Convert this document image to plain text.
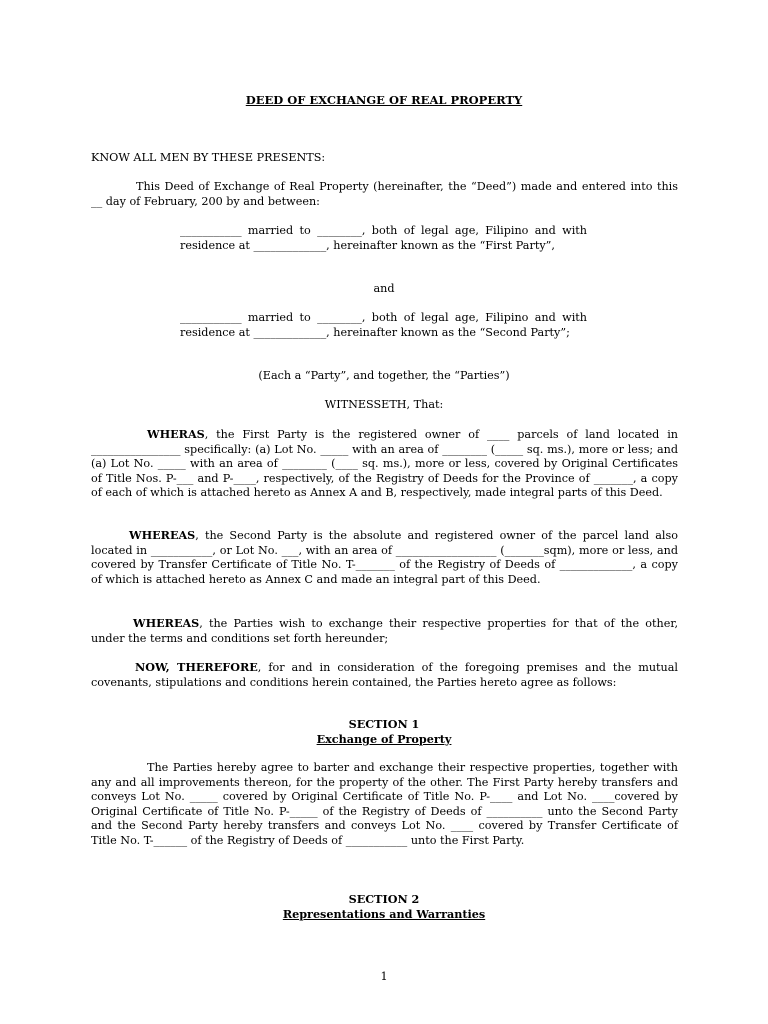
DEED OF EXCHANGE OF REAL PROPERTY
KNOW ALL MEN BY THESE PRESENTS:
This Deed of Exchange of Real Property (hereinafter, the “Deed”) made and entered into this __ day of February, 200 by and between:
___________ married to ________, both of legal age, Filipino and with residence at _____________, hereinafter known as the “First Party”,
and
___________ married to ________, both of legal age, Filipino and with residence at _____________, hereinafter known as the “Second Party”;
(Each a “Party”, and together, the “Parties”)
WITNESSETH, That:
WHERAS, the First Party is the registered owner of ____ parcels of land located in ________________ specifically: (a) Lot No. _____ with an area of ________ (_____ sq. ms.), more or less; and (a) Lot No. _____ with an area of ________ (____ sq. ms.), more or less, covered by Original Certificates of Title Nos. P-___ and P-____, respectively, of the Registry of Deeds for the Province of _______, a copy of each of which is attached hereto as Annex A and B, respectively, made integral parts of this Deed.
WHEREAS, the Second Party is the absolute and registered owner of the parcel land also located in ___________, or Lot No. ___, with an area of __________________ (_______sqm), more or less, and covered by Transfer Certificate of Title No. T-_______ of the Registry of Deeds of _____________, a copy of which is attached hereto as Annex C and made an integral part of this Deed.
WHEREAS, the Parties wish to exchange their respective properties for that of the other, under the terms and conditions set forth hereunder;
NOW, THEREFORE, for and in consideration of the foregoing premises and the mutual covenants, stipulations and conditions herein contained, the Parties hereto agree as follows:
SECTION 1
Exchange of Property
The Parties hereby agree to barter and exchange their respective properties, together with any and all improvements thereon, for the property of the other. The First Party hereby transfers and conveys Lot No. _____ covered by Original Certificate of Title No. P-____ and Lot No. ____covered by Original Certificate of Title No. P-_____ of the Registry of Deeds of __________ unto the Second Party and the Second Party hereby transfers and conveys Lot No. ____ covered by Transfer Certificate of Title No. T-______ of the Registry of Deeds of ___________ unto the First Party.
SECTION 2
Representations and Warranties
1
